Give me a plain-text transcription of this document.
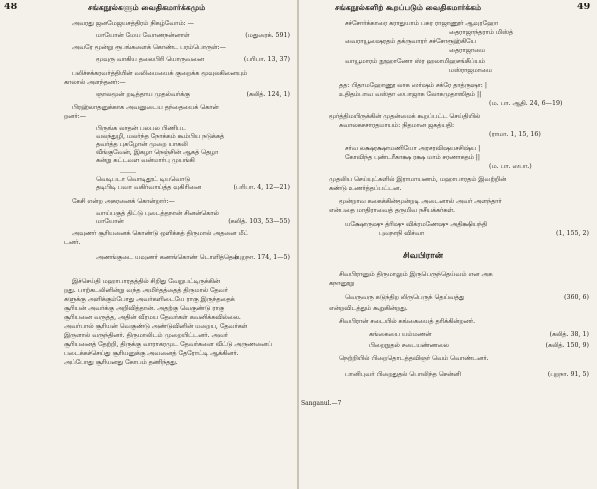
48	சங்கநூல்களும் வைதிகமார்க்கமும்
அவரது ஜனமேஜயசத்திரம் நிகழ்வோம்: —
மாயோன் மேய வோணநன்னாள்	(மதுரைக். 591)
அவரே மூன்று ரூபங்களைக் கொண்ட பரம்பொருள்:—
மூவுரு வாகிய தலைபிரி யொருவனை	(பரிபா. 13, 37)
பலிச்சக்கரவர்த்தியின் வலிமையைக் குறைக்க மூவுலகினையும்
காலால் அளந்தனர்:—
ஞாலமூன் றடித்தாய முதல்வர்க்கு	(கலித். 124, 1)
பிரஹ்லாதனுக்காக அவனுடைய தந்தையைக் கொன்
றனர்:—
பிருங்க லாதன் பலபல பிணிபட
வலந்துழி, மலர்ந்த நோக்கம் கூம்பிய நடுக்கத்
தவர்த்த புகழோன் முறை யாகலி
வீங்குவேன், இகழா நெஞ்சின் ஆகத் தெழா
கன்று கட்டவள வன்மார்பு முயங்கி
........
வெடிபடா வொடிதூட் டியவொடு
தடிபிடி பவா வகிர்வாய்த்த வுகிரினை	(பரிபா. 4, 12—21)
கேசி என்ற அசுரனைக் கொன்றார்:—
வாய்பகுத் திட்டு புடைத்தநான் சினன்கொல்
மாயோன்	(கலித். 103, 53—55)
அவுணர் சூரியனைக் கொண்டு ஒளிக்கத் திருமால் அதனை மீட்
டனர்.
அணங்குடை யவுணர் கணங்கொண் டொளித்தென
(புறநா. 174, 1—5)
இச்செய்தி மஹாபாரதத்தில் சிறிது வேறுபட்டிருக்கின்
றது. பாற்கடலினின்று வந்த அமிர்தத்தைத் திருமால் தேவர்
களுக்கு அளிக்கும்போது அவர்களிடையே ராகு இருந்ததைக்
சூரியன் அவர்க்கு அறிவித்தான். அதற்கு வெகுண்டு ராகு
சூரியனை வருத்த, அதின் வீரமய தேவர்கள் கவனிக்கவில்லை.
அவர்பால் சூரியன் வெகுண்டு அண்டுவினின் மறைய, தேவர்கள்
இருளால் வருந்தினர். திருமாலிடம் முறையிட்டனர். அவர்
சூரியனைத் தேற்றி, திருக்கு வாராகரமுட தேவர்களை வீட்டு அருணனைப்
படைக்கச்செய்து சூரியனுக்கு அவனைத் தேரோட்டி ஆக்கினர்.
அப்போது சூரியனது கோபம் தணிந்தது.
சங்கநூல்களிற் கூறப்படும் வைதிகமார்க்கம்	49
சச்சோர்க்காரை கராதுயாம் பசுர ராஜாணூர் ஆவுரஹோ
தைராஜாந்தராம் மிஸ்த்
வைராயூஷைரதம் தக்ருவாரர் சச்சோரூஹ்கியே
தைராஜாமை
வாயூமாரம் நூஹாணோ ஸ்ர ஹலாமிஹசங்கீப்யம்
மஸ்ராஜமாமை
தத: பிதாமஹோணூ லாக ஸர்ஷம் சக்ரே தாத்ருஷா: |
உதிதம்பாவ வஸ்தா ஸபாஜாக லோகமுதாஸிதம் ||
(ம. பா. ஆதி. 24, 6—19)
மூர்த்திமயிருக்கின் முதன்மைக் கூறப்பட்ட செய்தியில்
சுவாலகசசாரதமாயம்: நிதமான ஜகத்யதி:
(ராமா. 1, 15, 16)
சர்வ லக்ஷரக்ஷாமணியோ அரசரவிஷயசசிஷ்ய |
கோவிந்த புண்டரீகாக்ஷ ரக்ஷ மாம் சரணாகதம் ||
(ம. பா. ஸபா.)
முதலிய செய்யுட்களில் இராமாயணம், மஹாபாரதம் இவற்றின்
கண்டு உணர்த்தப்பட்டன.
மூன்றாவ ககைக்கின்மூன்றடி அடைனால் அவர் அளந்தார்
என்பதை மாதிராவைத் தருமிவ நசீயக்கர்கள்.
யக்ஷோருஷு த்ரிஷு விக்ரமணேஷு அதிக்ஷியந்தி
புவநாநி விச்வா	(1, 155, 2)
சிவபிரானும் திருமாலும் இருபெருந்தெய்வம் என அக
கநானூறு
வெருவரு கடுந்திற லிருபெருந் தெய்வத்து	(360, 6)
என்றவிடத்தும் கூறுகின்றது.
சிவபிரான் சடையில் கங்கையைத் தரிக்கின்றனர்.
கங்கையை யம்மணன்	(கலித். 38, 1)
பிறைநுதல் சடையண்ணலை	(கலித். 150, 9)
நெற்றியில் பிறைதொடத்தவிஞர் வெம் வொண்டனர்.
பானிபுவர் பிறைதுதல் பொலிந்த சென்னி	(புறநா. 91, 5)
சிவபிரான்
Sanganul.—7
